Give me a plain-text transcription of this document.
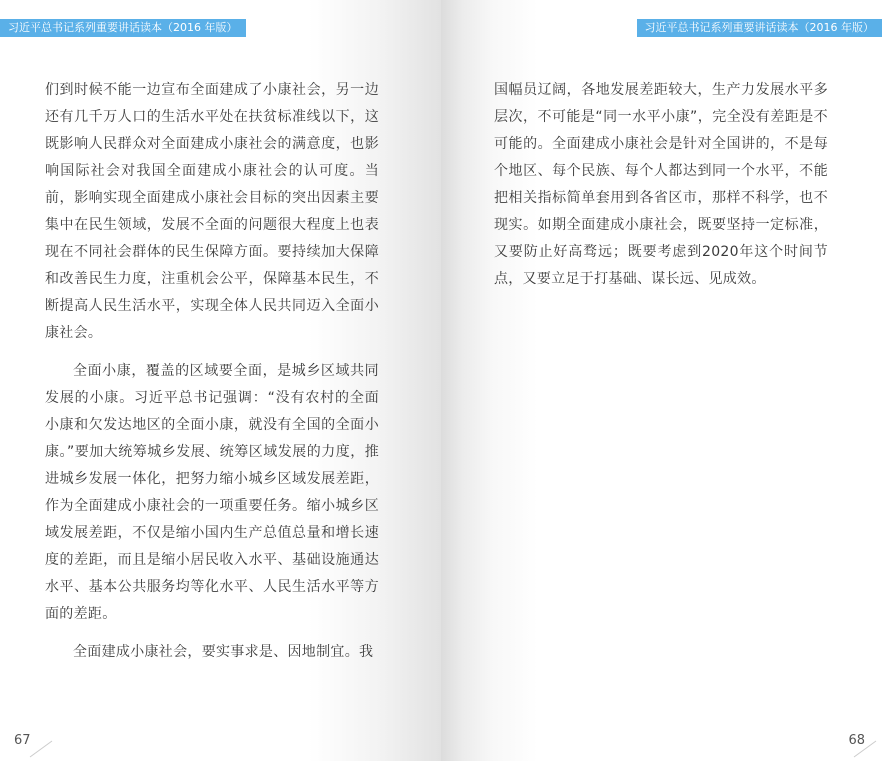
习近平总书记系列重要讲话读本（2016 年版）

们到时候不能一边宣布全面建成了小康社会，另一边还有几千万人口的生活水平处在扶贫标准线以下，这既影响人民群众对全面建成小康社会的满意度，也影响国际社会对我国全面建成小康社会的认可度。当前，影响实现全面建成小康社会目标的突出因素主要集中在民生领域，发展不全面的问题很大程度上也表现在不同社会群体的民生保障方面。要持续加大保障和改善民生力度，注重机会公平，保障基本民生，不断提高人民生活水平，实现全体人民共同迈入全面小康社会。

全面小康，覆盖的区域要全面，是城乡区域共同发展的小康。习近平总书记强调：“没有农村的全面小康和欠发达地区的全面小康，就没有全国的全面小康。”要加大统筹城乡发展、统筹区域发展的力度，推进城乡发展一体化，把努力缩小城乡区域发展差距，作为全面建成小康社会的一项重要任务。缩小城乡区域发展差距，不仅是缩小国内生产总值总量和增长速度的差距，而且是缩小居民收入水平、基础设施通达水平、基本公共服务均等化水平、人民生活水平等方面的差距。

全面建成小康社会，要实事求是、因地制宜。我

67
习近平总书记系列重要讲话读本（2016 年版）

国幅员辽阔，各地发展差距较大，生产力发展水平多层次，不可能是“同一水平小康”，完全没有差距是不可能的。全面建成小康社会是针对全国讲的，不是每个地区、每个民族、每个人都达到同一个水平，不能把相关指标简单套用到各省区市，那样不科学，也不现实。如期全面建成小康社会，既要坚持一定标准，又要防止好高骛远；既要考虑到2020年这个时间节点，又要立足于打基础、谋长远、见成效。

68
